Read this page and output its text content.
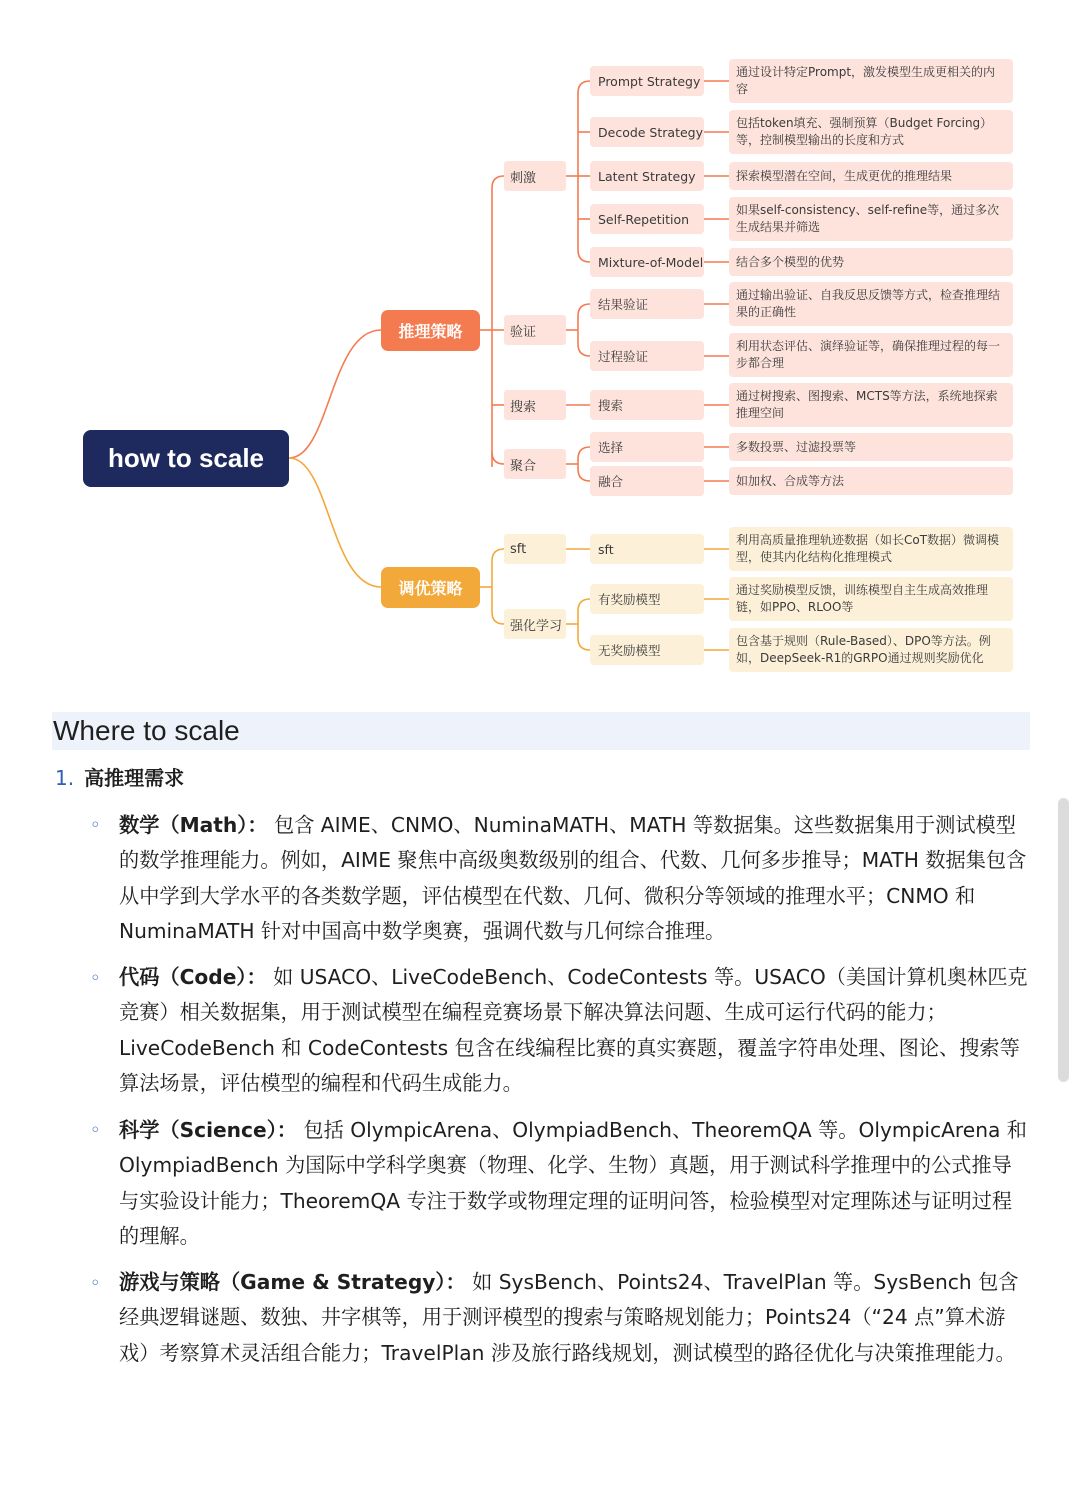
how to scale
推理策略
调优策略
刺激
验证
搜索
聚合
Prompt Strategy
Decode Strategy
Latent Strategy
Self-Repetition
Mixture-of-Model
结果验证
过程验证
搜索
选择
融合
通过设计特定Prompt，激发模型生成更相关的内容
包括token填充、强制预算（Budget Forcing）等，控制模型输出的长度和方式
探索模型潜在空间，生成更优的推理结果
如果self-consistency、self-refine等，通过多次生成结果并筛选
结合多个模型的优势
通过输出验证、自我反思反馈等方式，检查推理结果的正确性
利用状态评估、演绎验证等，确保推理过程的每一步都合理
通过树搜索、图搜索、MCTS等方法，系统地探索推理空间
多数投票、过滤投票等
如加权、合成等方法
sft
强化学习
sft
有奖励模型
无奖励模型
利用高质量推理轨迹数据（如长CoT数据）微调模型，使其内化结构化推理模式
通过奖励模型反馈，训练模型自主生成高效推理链，如PPO、RLOO等
包含基于规则（Rule-Based）、DPO等方法。例如，DeepSeek-R1的GRPO通过规则奖励优化
Where to scale
1. 高推理需求
◦ 数学（Math）： 包含 AIME、CNMO、NuminaMATH、MATH 等数据集。这些数据集用于测试模型的数学推理能力。例如，AIME 聚焦中高级奥数级别的组合、代数、几何多步推导；MATH 数据集包含从中学到大学水平的各类数学题，评估模型在代数、几何、微积分等领域的推理水平；CNMO 和 NuminaMATH 针对中国高中数学奥赛，强调代数与几何综合推理。

◦ 代码（Code）： 如 USACO、LiveCodeBench、CodeContests 等。USACO（美国计算机奥林匹克竞赛）相关数据集，用于测试模型在编程竞赛场景下解决算法问题、生成可运行代码的能力；LiveCodeBench 和 CodeContests 包含在线编程比赛的真实赛题，覆盖字符串处理、图论、搜索等算法场景，评估模型的编程和代码生成能力。

◦ 科学（Science）： 包括 OlympicArena、OlympiadBench、TheoremQA 等。OlympicArena 和 OlympiadBench 为国际中学科学奥赛（物理、化学、生物）真题，用于测试科学推理中的公式推导与实验设计能力；TheoremQA 专注于数学或物理定理的证明问答，检验模型对定理陈述与证明过程的理解。

◦ 游戏与策略（Game & Strategy）： 如 SysBench、Points24、TravelPlan 等。SysBench 包含经典逻辑谜题、数独、井字棋等，用于测评模型的搜索与策略规划能力；Points24（“24 点”算术游戏）考察算术灵活组合能力；TravelPlan 涉及旅行路线规划，测试模型的路径优化与决策推理能力。
